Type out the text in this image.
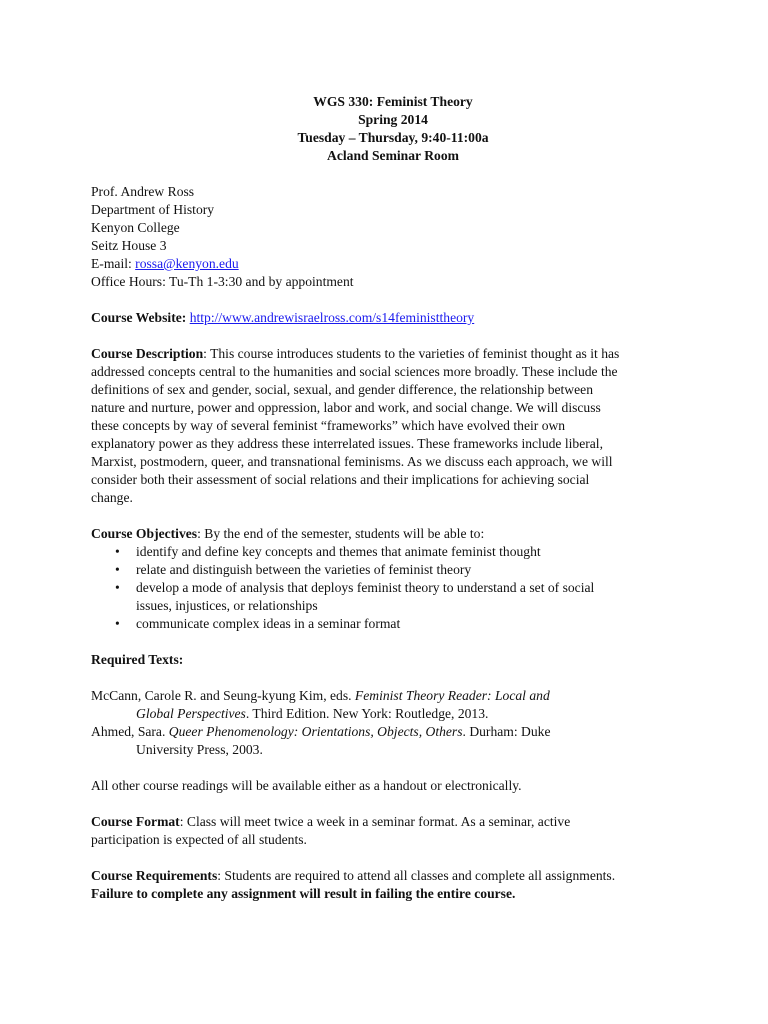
WGS 330: Feminist Theory
Spring 2014
Tuesday – Thursday, 9:40-11:00a
Acland Seminar Room
Prof. Andrew Ross
Department of History
Kenyon College
Seitz House 3
E-mail: rossa@kenyon.edu
Office Hours: Tu-Th 1-3:30 and by appointment
Course Website: http://www.andrewisraelross.com/s14feministtheory
Course Description: This course introduces students to the varieties of feminist thought as it has
addressed concepts central to the humanities and social sciences more broadly. These include the
definitions of sex and gender, social, sexual, and gender difference, the relationship between
nature and nurture, power and oppression, labor and work, and social change. We will discuss
these concepts by way of several feminist “frameworks” which have evolved their own
explanatory power as they address these interrelated issues. These frameworks include liberal,
Marxist, postmodern, queer, and transnational feminisms. As we discuss each approach, we will
consider both their assessment of social relations and their implications for achieving social
change.
Course Objectives: By the end of the semester, students will be able to:
• identify and define key concepts and themes that animate feminist thought
• relate and distinguish between the varieties of feminist theory
• develop a mode of analysis that deploys feminist theory to understand a set of social
issues, injustices, or relationships
• communicate complex ideas in a seminar format
Required Texts:
McCann, Carole R. and Seung-kyung Kim, eds. Feminist Theory Reader: Local and
Global Perspectives. Third Edition. New York: Routledge, 2013.
Ahmed, Sara. Queer Phenomenology: Orientations, Objects, Others. Durham: Duke
University Press, 2003.
All other course readings will be available either as a handout or electronically.
Course Format: Class will meet twice a week in a seminar format. As a seminar, active
participation is expected of all students.
Course Requirements: Students are required to attend all classes and complete all assignments.
Failure to complete any assignment will result in failing the entire course.
